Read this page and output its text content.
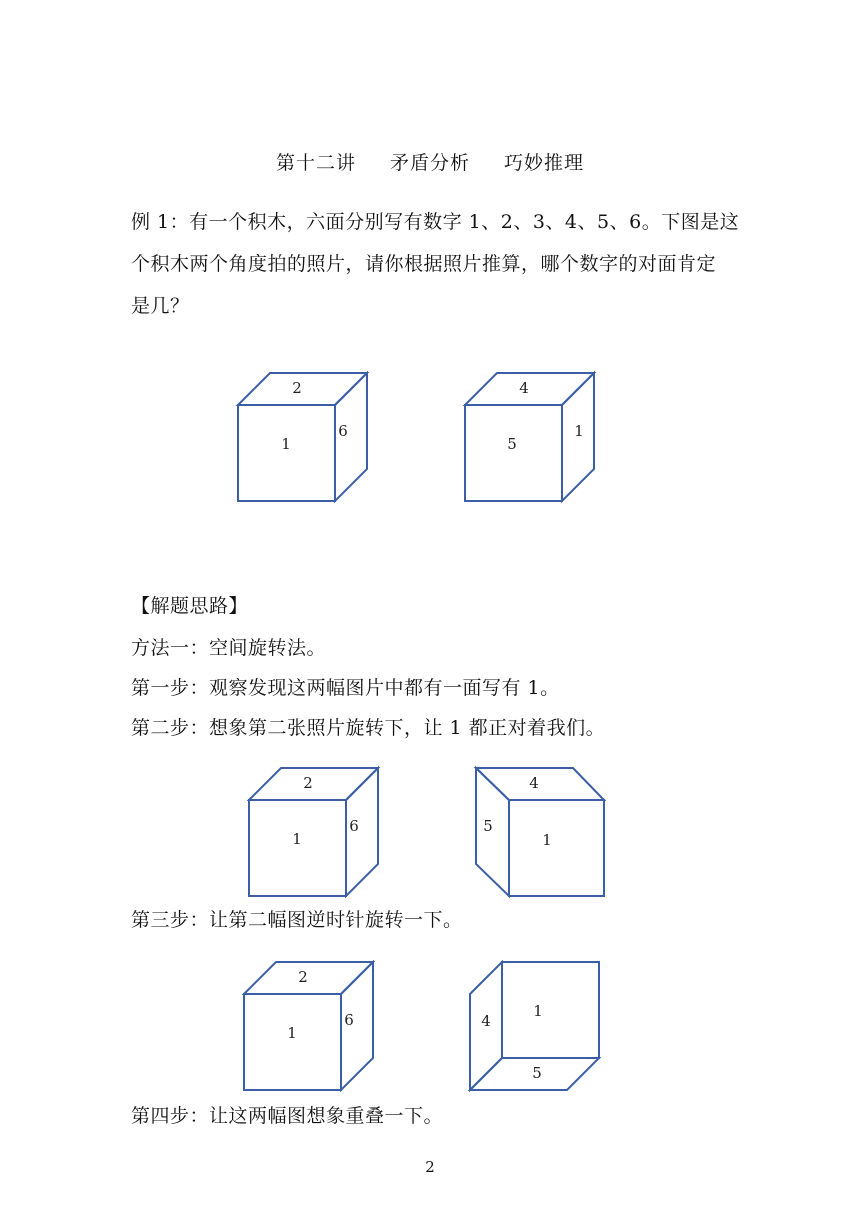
第十二讲 矛盾分析 巧妙推理
例 1：有一个积木，六面分别写有数字 1、2、3、4、5、6。下图是这
个积木两个角度拍的照片，请你根据照片推算，哪个数字的对面肯定
是几？
2
1
6
4
5
1
【解题思路】
方法一：空间旋转法。
第一步：观察发现这两幅图片中都有一面写有 1。
第二步：想象第二张照片旋转下，让 1 都正对着我们。
2
1
6
4
1
5
第三步：让第二幅图逆时针旋转一下。
2
1
6	1
4
5
第四步：让这两幅图想象重叠一下。
2
